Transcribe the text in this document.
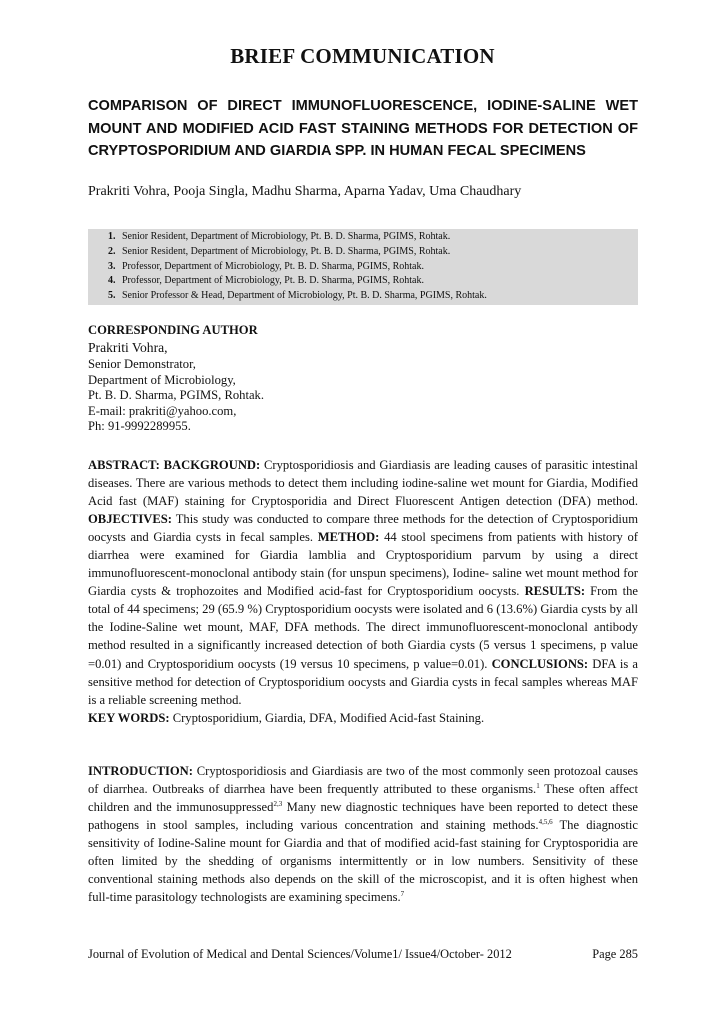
BRIEF COMMUNICATION
COMPARISON OF DIRECT IMMUNOFLUORESCENCE, IODINE-SALINE WET MOUNT AND MODIFIED ACID FAST STAINING METHODS FOR DETECTION OF CRYPTOSPORIDIUM AND GIARDIA SPP. IN HUMAN FECAL SPECIMENS
Prakriti Vohra, Pooja Singla, Madhu Sharma, Aparna Yadav, Uma Chaudhary
1. Senior Resident, Department of Microbiology, Pt. B. D. Sharma, PGIMS, Rohtak.
2. Senior Resident, Department of Microbiology, Pt. B. D. Sharma, PGIMS, Rohtak.
3. Professor, Department of Microbiology, Pt. B. D. Sharma, PGIMS, Rohtak.
4. Professor, Department of Microbiology, Pt. B. D. Sharma, PGIMS, Rohtak.
5. Senior Professor & Head, Department of Microbiology, Pt. B. D. Sharma, PGIMS, Rohtak.
CORRESPONDING AUTHOR
Prakriti Vohra,
Senior Demonstrator,
Department of Microbiology,
Pt. B. D. Sharma, PGIMS, Rohtak.
E-mail: prakriti@yahoo.com,
Ph: 91-9992289955.
ABSTRACT: BACKGROUND: Cryptosporidiosis and Giardiasis are leading causes of parasitic intestinal diseases. There are various methods to detect them including iodine-saline wet mount for Giardia, Modified Acid fast (MAF) staining for Cryptosporidia and Direct Fluorescent Antigen detection (DFA) method. OBJECTIVES: This study was conducted to compare three methods for the detection of Cryptosporidium oocysts and Giardia cysts in fecal samples. METHOD: 44 stool specimens from patients with history of diarrhea were examined for Giardia lamblia and Cryptosporidium parvum by using a direct immunofluorescent-monoclonal antibody stain (for unspun specimens), Iodine- saline wet mount method for Giardia cysts & trophozoites and Modified acid-fast for Cryptosporidium oocysts. RESULTS: From the total of 44 specimens; 29 (65.9 %) Cryptosporidium oocysts were isolated and 6 (13.6%) Giardia cysts by all the Iodine-Saline wet mount, MAF, DFA methods. The direct immunofluorescent-monoclonal antibody method resulted in a significantly increased detection of both Giardia cysts (5 versus 1 specimens, p value =0.01) and Cryptosporidium oocysts (19 versus 10 specimens, p value=0.01). CONCLUSIONS: DFA is a sensitive method for detection of Cryptosporidium oocysts and Giardia cysts in fecal samples whereas MAF is a reliable screening method.
KEY WORDS: Cryptosporidium, Giardia, DFA, Modified Acid-fast Staining.
INTRODUCTION: Cryptosporidiosis and Giardiasis are two of the most commonly seen protozoal causes of diarrhea. Outbreaks of diarrhea have been frequently attributed to these organisms.$^1$ These often affect children and the immunosuppressed$^{2,3}$ Many new diagnostic techniques have been reported to detect these pathogens in stool samples, including various concentration and staining methods.$^{4,5,6}$ The diagnostic sensitivity of Iodine-Saline mount for Giardia and that of modified acid-fast staining for Cryptosporidia are often limited by the shedding of organisms intermittently or in low numbers. Sensitivity of these conventional staining methods also depends on the skill of the microscopist, and it is often highest when full-time parasitology technologists are examining specimens.$^7$
Journal of Evolution of Medical and Dental Sciences/Volume1/ Issue4/October- 2012	Page 285
